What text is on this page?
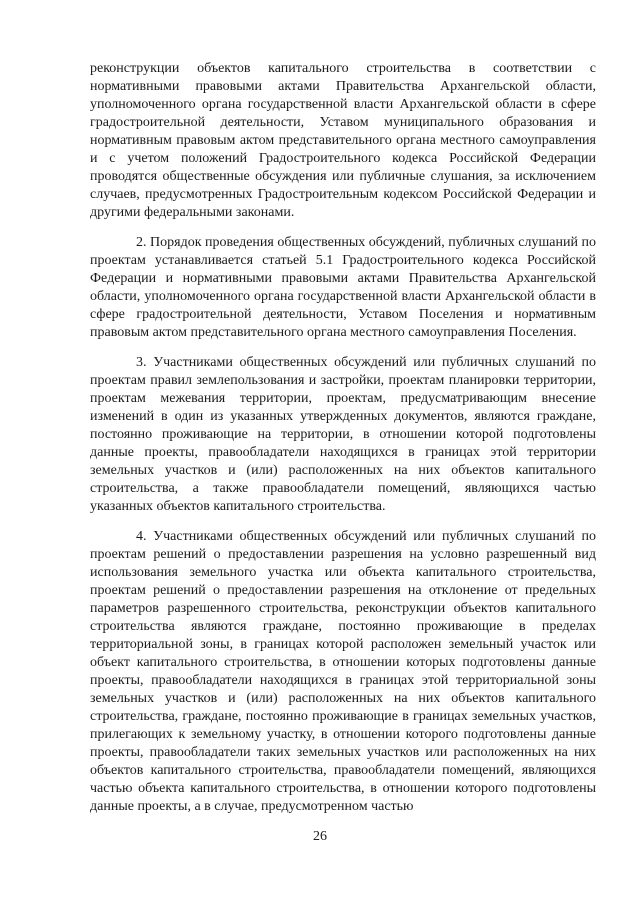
реконструкции объектов капитального строительства в соответствии с нормативными правовыми актами Правительства Архангельской области, уполномоченного органа государственной власти Архангельской области в сфере градостроительной деятельности, Уставом муниципального образования и нормативным правовым актом представительного органа местного самоуправления и с учетом положений Градостроительного кодекса Российской Федерации проводятся общественные обсуждения или публичные слушания, за исключением случаев, предусмотренных Градостроительным кодексом Российской Федерации и другими федеральными законами.

2. Порядок проведения общественных обсуждений, публичных слушаний по проектам устанавливается статьей 5.1 Градостроительного кодекса Российской Федерации и нормативными правовыми актами Правительства Архангельской области, уполномоченного органа государственной власти Архангельской области в сфере градостроительной деятельности, Уставом Поселения и нормативным правовым актом представительного органа местного самоуправления Поселения.

3. Участниками общественных обсуждений или публичных слушаний по проектам правил землепользования и застройки, проектам планировки территории, проектам межевания территории, проектам, предусматривающим внесение изменений в один из указанных утвержденных документов, являются граждане, постоянно проживающие на территории, в отношении которой подготовлены данные проекты, правообладатели находящихся в границах этой территории земельных участков и (или) расположенных на них объектов капитального строительства, а также правообладатели помещений, являющихся частью указанных объектов капитального строительства.

4. Участниками общественных обсуждений или публичных слушаний по проектам решений о предоставлении разрешения на условно разрешенный вид использования земельного участка или объекта капитального строительства, проектам решений о предоставлении разрешения на отклонение от предельных параметров разрешенного строительства, реконструкции объектов капитального строительства являются граждане, постоянно проживающие в пределах территориальной зоны, в границах которой расположен земельный участок или объект капитального строительства, в отношении которых подготовлены данные проекты, правообладатели находящихся в границах этой территориальной зоны земельных участков и (или) расположенных на них объектов капитального строительства, граждане, постоянно проживающие в границах земельных участков, прилегающих к земельному участку, в отношении которого подготовлены данные проекты, правообладатели таких земельных участков или расположенных на них объектов капитального строительства, правообладатели помещений, являющихся частью объекта капитального строительства, в отношении которого подготовлены данные проекты, а в случае, предусмотренном частью

26
